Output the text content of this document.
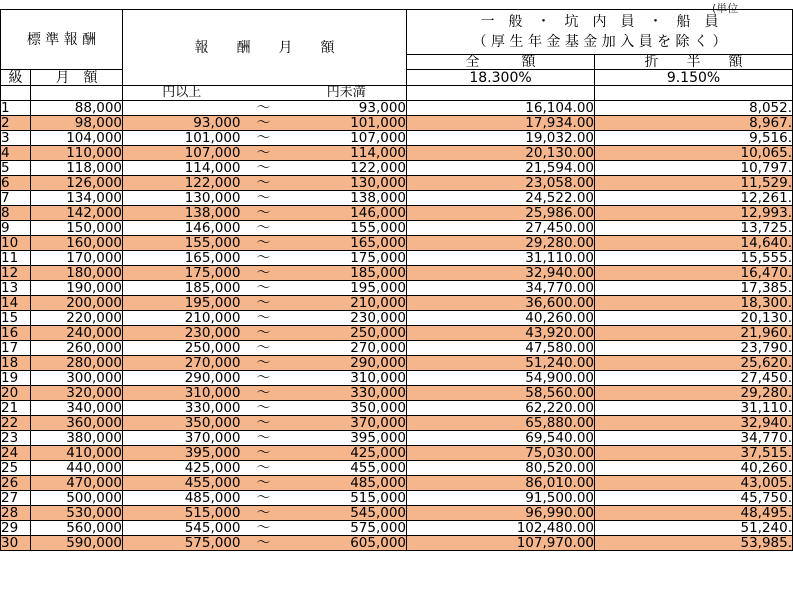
(単位
標 準 報 酬		報　　酬　　月　　額			一　般　・　坑　内　員　・　船　員
（ 厚 生 年 金 基 金 加 入 員 を 除 く ）	

					全　　　額	折　　半　　額
級	月　額				18.300%	9.150%
		円以上		円未満		
1	88,000		～	93,000	16,104.00	8,052.
2	98,000	93,000	～	101,000	17,934.00	8,967.
3	104,000	101,000	～	107,000	19,032.00	9,516.
4	110,000	107,000	～	114,000	20,130.00	10,065.
5	118,000	114,000	～	122,000	21,594.00	10,797.
6	126,000	122,000	～	130,000	23,058.00	11,529.
7	134,000	130,000	～	138,000	24,522.00	12,261.
8	142,000	138,000	～	146,000	25,986.00	12,993.
9	150,000	146,000	～	155,000	27,450.00	13,725.
10	160,000	155,000	～	165,000	29,280.00	14,640.
11	170,000	165,000	～	175,000	31,110.00	15,555.
12	180,000	175,000	～	185,000	32,940.00	16,470.
13	190,000	185,000	～	195,000	34,770.00	17,385.
14	200,000	195,000	～	210,000	36,600.00	18,300.
15	220,000	210,000	～	230,000	40,260.00	20,130.
16	240,000	230,000	～	250,000	43,920.00	21,960.
17	260,000	250,000	～	270,000	47,580.00	23,790.
18	280,000	270,000	～	290,000	51,240.00	25,620.
19	300,000	290,000	～	310,000	54,900.00	27,450.
20	320,000	310,000	～	330,000	58,560.00	29,280.
21	340,000	330,000	～	350,000	62,220.00	31,110.
22	360,000	350,000	～	370,000	65,880.00	32,940.
23	380,000	370,000	～	395,000	69,540.00	34,770.
24	410,000	395,000	～	425,000	75,030.00	37,515.
25	440,000	425,000	～	455,000	80,520.00	40,260.
26	470,000	455,000	～	485,000	86,010.00	43,005.
27	500,000	485,000	～	515,000	91,500.00	45,750.
28	530,000	515,000	～	545,000	96,990.00	48,495.
29	560,000	545,000	～	575,000	102,480.00	51,240.
30	590,000	575,000	～	605,000	107,970.00	53,985.
